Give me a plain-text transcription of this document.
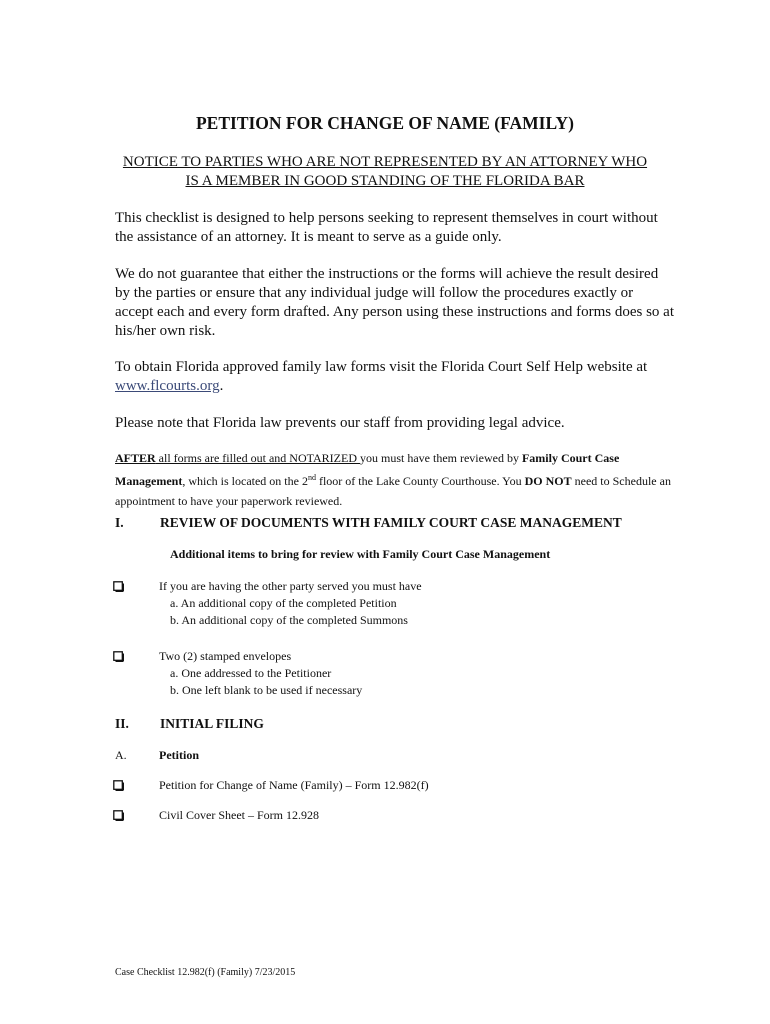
PETITION FOR CHANGE OF NAME (FAMILY)
NOTICE TO PARTIES WHO ARE NOT REPRESENTED BY AN ATTORNEY WHO
IS A MEMBER IN GOOD STANDING OF THE FLORIDA BAR
This checklist is designed to help persons seeking to represent themselves in court without the assistance of an attorney. It is meant to serve as a guide only.
We do not guarantee that either the instructions or the forms will achieve the result desired by the parties or ensure that any individual judge will follow the procedures exactly or accept each and every form drafted. Any person using these instructions and forms does so at his/her own risk.
To obtain Florida approved family law forms visit the Florida Court Self Help website at www.flcourts.org.
Please note that Florida law prevents our staff from providing legal advice.
AFTER all forms are filled out and NOTARIZED you must have them reviewed by Family Court Case Management, which is located on the 2nd floor of the Lake County Courthouse. You DO NOT need to Schedule an appointment to have your paperwork reviewed.
I.	REVIEW OF DOCUMENTS WITH FAMILY COURT CASE MANAGEMENT
Additional items to bring for review with Family Court Case Management
If you are having the other party served you must have
a. An additional copy of the completed Petition
b. An additional copy of the completed Summons
Two (2) stamped envelopes
a. One addressed to the Petitioner
b. One left blank to be used if necessary
II. INITIAL FILING
A.	Petition
Petition for Change of Name (Family) – Form 12.982(f)
Civil Cover Sheet – Form 12.928
Case Checklist 12.982(f) (Family) 7/23/2015
